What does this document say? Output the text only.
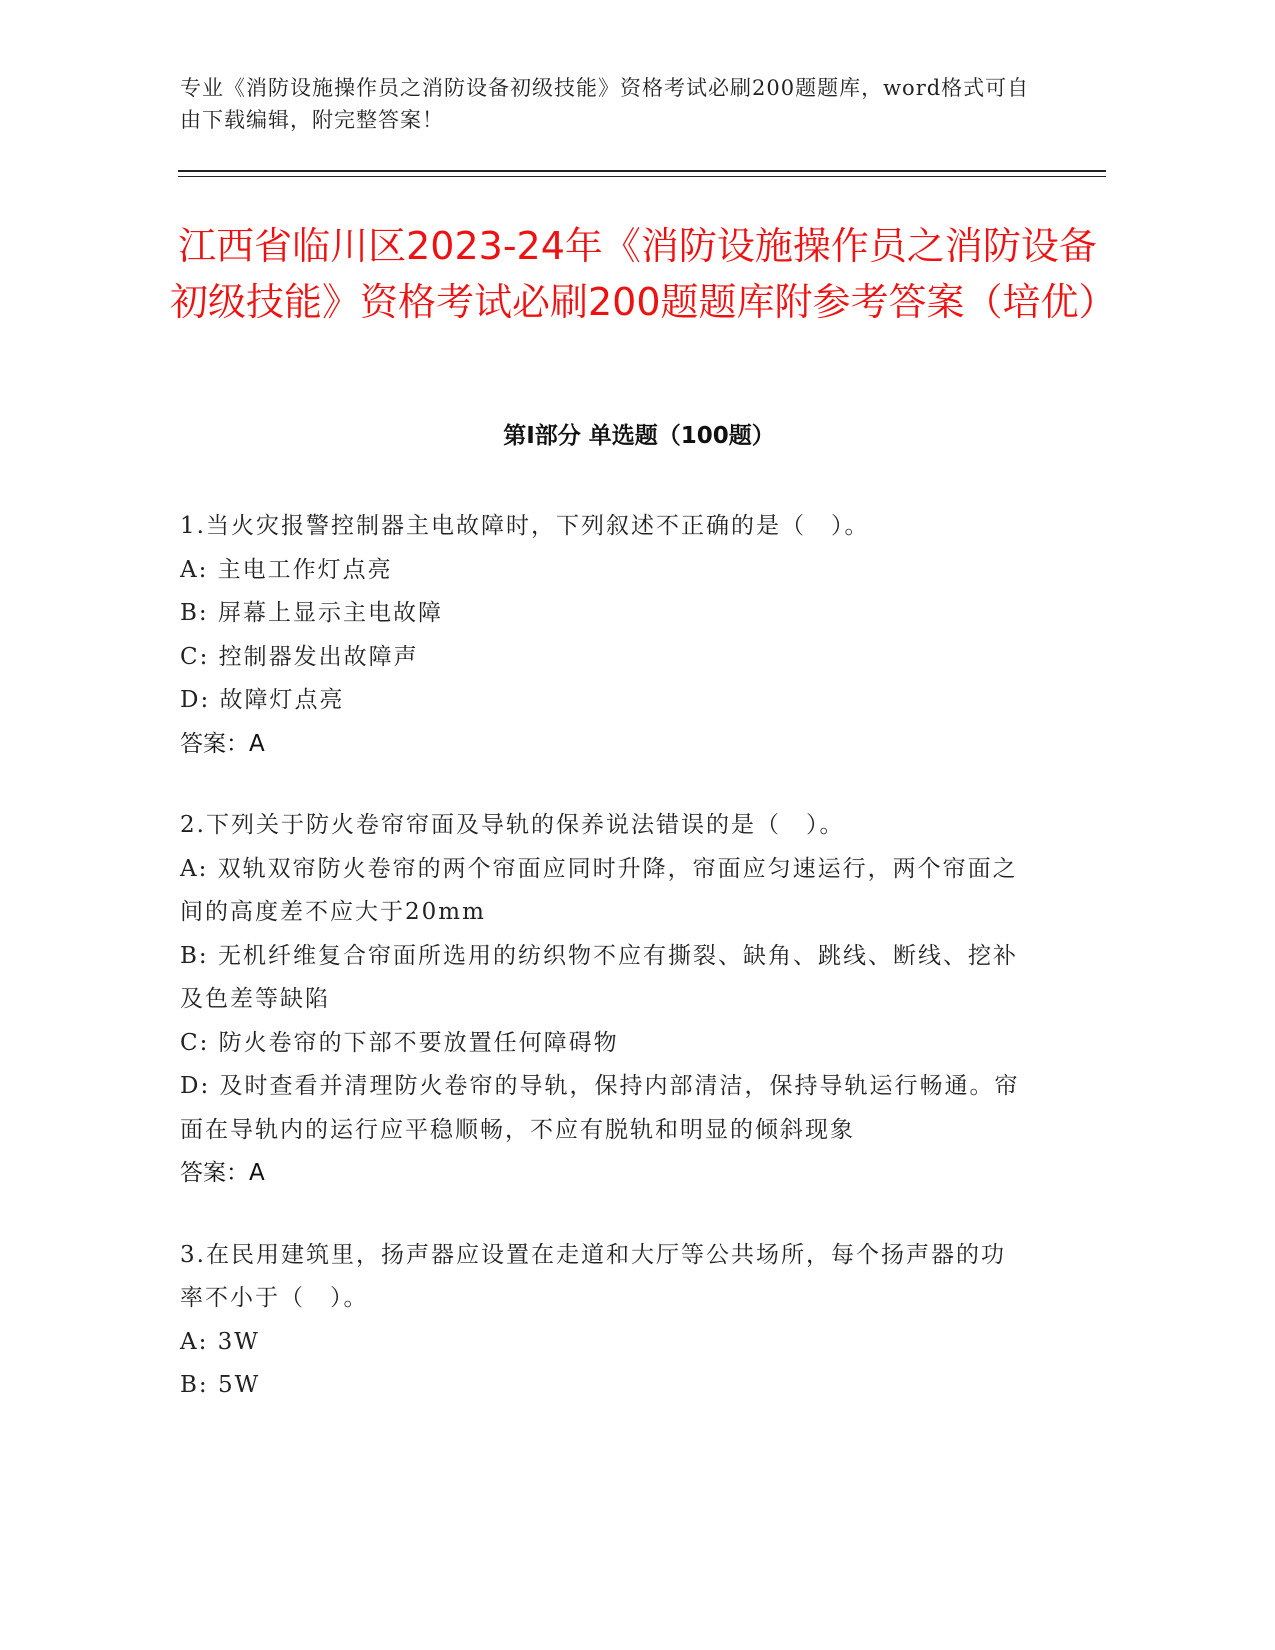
专业《消防设施操作员之消防设备初级技能》资格考试必刷200题题库，word格式可自由下载编辑，附完整答案！
江西省临川区2023-24年《消防设施操作员之消防设备初级技能》资格考试必刷200题题库附参考答案（培优）
第Ⅰ部分 单选题（100题）
1.当火灾报警控制器主电故障时，下列叙述不正确的是（　）。
A: 主电工作灯点亮
B: 屏幕上显示主电故障
C: 控制器发出故障声
D: 故障灯点亮
答案：A
2.下列关于防火卷帘帘面及导轨的保养说法错误的是（　）。
A: 双轨双帘防火卷帘的两个帘面应同时升降，帘面应匀速运行，两个帘面之间的高度差不应大于20mm
B: 无机纤维复合帘面所选用的纺织物不应有撕裂、缺角、跳线、断线、挖补及色差等缺陷
C: 防火卷帘的下部不要放置任何障碍物
D: 及时查看并清理防火卷帘的导轨，保持内部清洁，保持导轨运行畅通。帘面在导轨内的运行应平稳顺畅，不应有脱轨和明显的倾斜现象
答案：A
3.在民用建筑里，扬声器应设置在走道和大厅等公共场所，每个扬声器的功率不小于（　）。
A: 3W
B: 5W
